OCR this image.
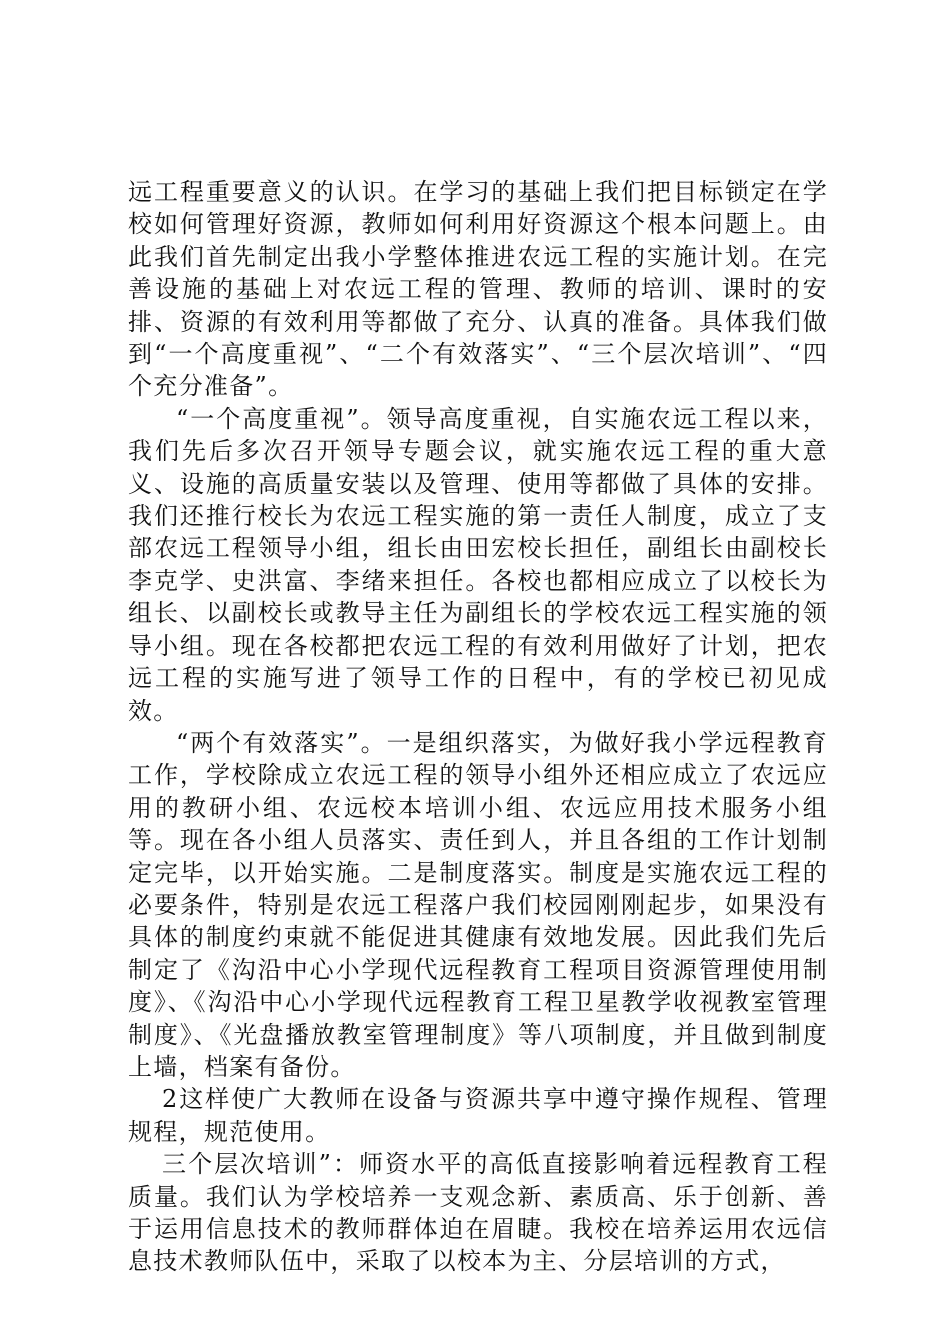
远工程重要意义的认识。在学习的基础上我们把目标锁定在学校如何管理好资源，教师如何利用好资源这个根本问题上。由此我们首先制定出我小学整体推进农远工程的实施计划。在完善设施的基础上对农远工程的管理、教师的培训、课时的安排、资源的有效利用等都做了充分、认真的准备。具体我们做到“一个高度重视”、“二个有效落实”、“三个层次培训”、“四个充分准备”。

“一个高度重视”。领导高度重视，自实施农远工程以来，我们先后多次召开领导专题会议，就实施农远工程的重大意义、设施的高质量安装以及管理、使用等都做了具体的安排。我们还推行校长为农远工程实施的第一责任人制度，成立了支部农远工程领导小组，组长由田宏校长担任，副组长由副校长李克学、史洪富、李绪来担任。各校也都相应成立了以校长为组长、以副校长或教导主任为副组长的学校农远工程实施的领导小组。现在各校都把农远工程的有效利用做好了计划，把农远工程的实施写进了领导工作的日程中，有的学校已初见成效。

“两个有效落实”。一是组织落实，为做好我小学远程教育工作，学校除成立农远工程的领导小组外还相应成立了农远应用的教研小组、农远校本培训小组、农远应用技术服务小组等。现在各小组人员落实、责任到人，并且各组的工作计划制定完毕，以开始实施。二是制度落实。制度是实施农远工程的必要条件，特别是农远工程落户我们校园刚刚起步，如果没有具体的制度约束就不能促进其健康有效地发展。因此我们先后制定了《沟沿中心小学现代远程教育工程项目资源管理使用制度》、《沟沿中心小学现代远程教育工程卫星教学收视教室管理制度》、《光盘播放教室管理制度》等八项制度，并且做到制度上墙，档案有备份。

2这样使广大教师在设备与资源共享中遵守操作规程、管理规程，规范使用。

三个层次培训”：师资水平的高低直接影响着远程教育工程质量。我们认为学校培养一支观念新、素质高、乐于创新、善于运用信息技术的教师群体迫在眉睫。我校在培养运用农远信息技术教师队伍中，采取了以校本为主、分层培训的方式，
